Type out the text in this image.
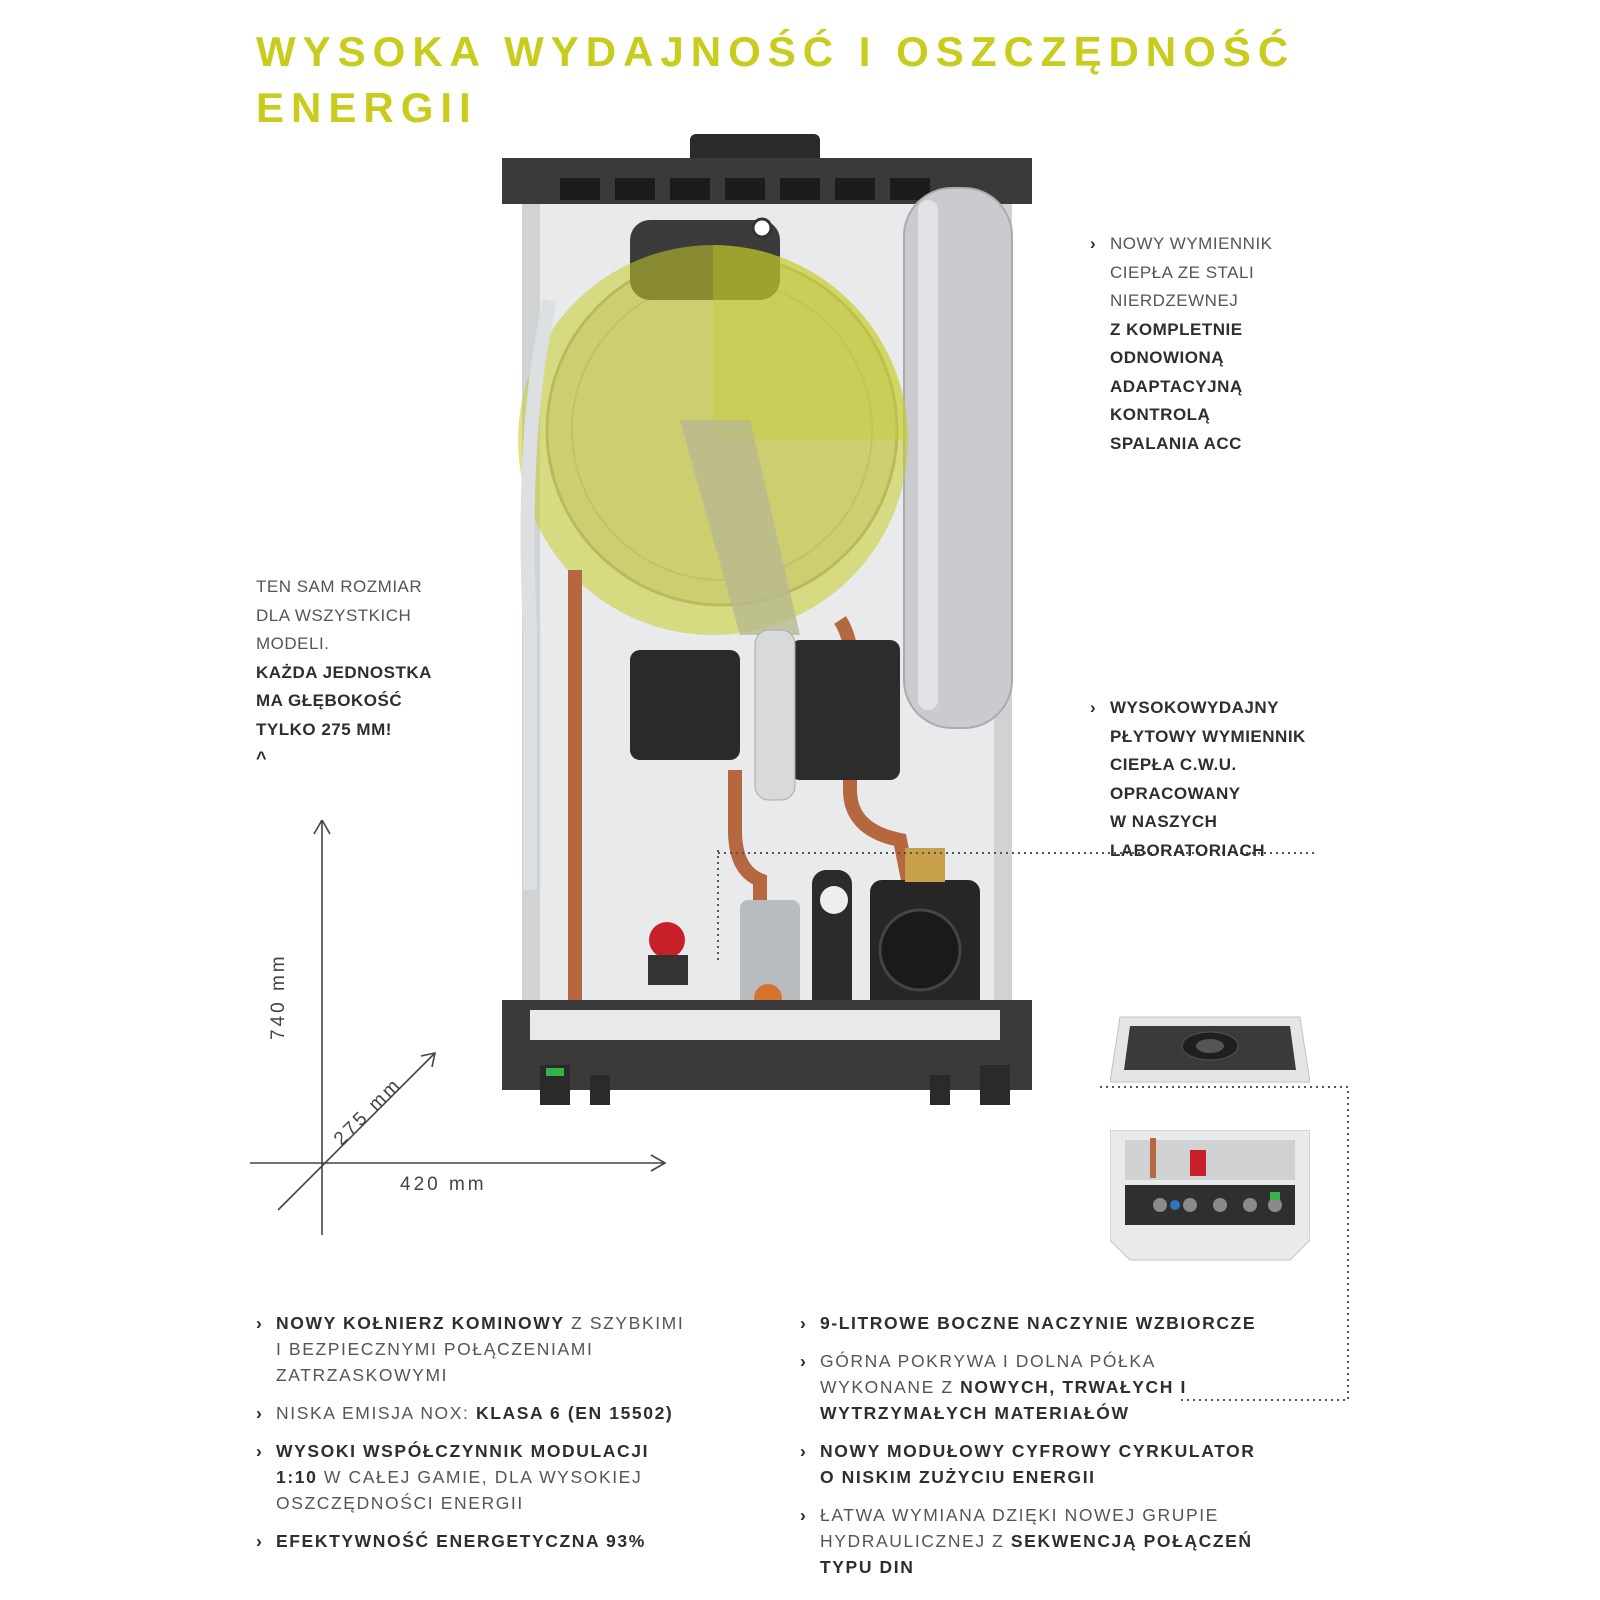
WYSOKA WYDAJNOŚĆ I OSZCZĘDNOŚĆ
ENERGII
740 mm
275 mm
420 mm
› NOWY WYMIENNIK
CIEPŁA ZE STALI
NIERDZEWNEJ
Z KOMPLETNIE
ODNOWIONĄ
ADAPTACYJNĄ
KONTROLĄ
SPALANIA ACC
TEN SAM ROZMIAR
DLA WSZYSTKICH
MODELI.
KAŻDA JEDNOSTKA
MA GŁĘBOKOŚĆ
TYLKO 275 MM!
^
› WYSOKOWYDAJNY
PŁYTOWY WYMIENNIK
CIEPŁA C.W.U.
OPRACOWANY
W NASZYCH
LABORATORIACH
› NOWY KOŁNIERZ KOMINOWY Z SZYBKIMI
I BEZPIECZNYMI POŁĄCZENIAMI
ZATRZASKOWYMI
› NISKA EMISJA NOX: KLASA 6 (EN 15502)
› WYSOKI WSPÓŁCZYNNIK MODULACJI
1:10 W CAŁEJ GAMIE, DLA WYSOKIEJ
OSZCZĘDNOŚCI ENERGII
› EFEKTYWNOŚĆ ENERGETYCZNA 93%
› 9-LITROWE BOCZNE NACZYNIE WZBIORCZE
› GÓRNA POKRYWA I DOLNA PÓŁKA
WYKONANE Z NOWYCH, TRWAŁYCH I
WYTRZYMAŁYCH MATERIAŁÓW
› NOWY MODUŁOWY CYFROWY CYRKULATOR
O NISKIM ZUŻYCIU ENERGII
› ŁATWA WYMIANA DZIĘKI NOWEJ GRUPIE
HYDRAULICZNEJ Z SEKWENCJĄ POŁĄCZEŃ
TYPU DIN
